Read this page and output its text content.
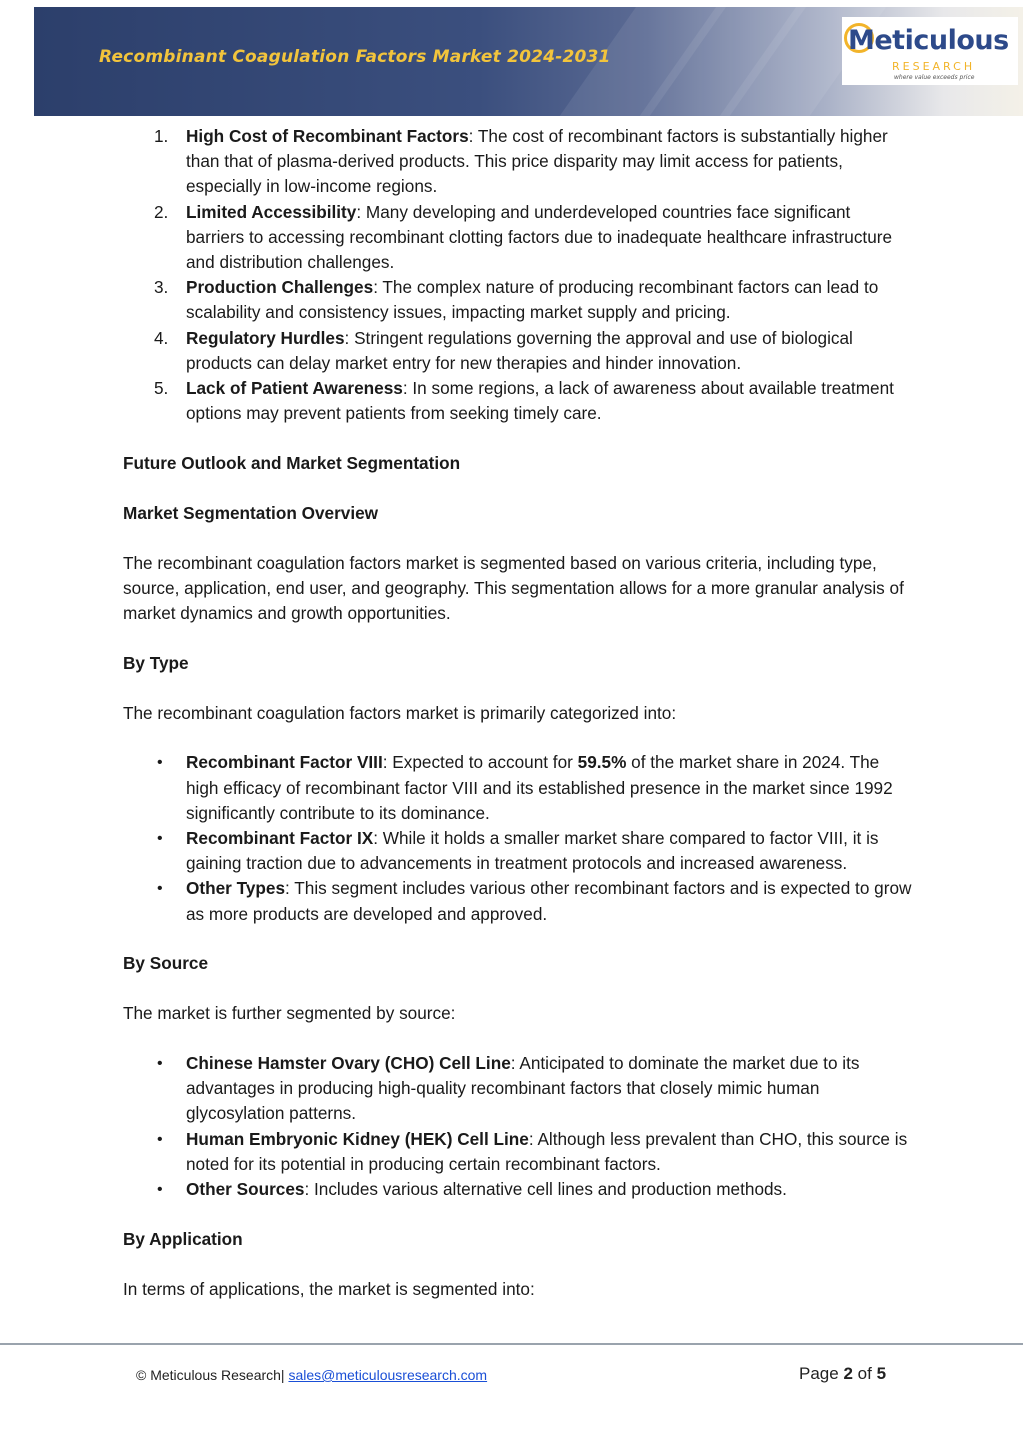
Recombinant Coagulation Factors Market 2024-2031
Meticulous
RESEARCH
where value exceeds price
1. High Cost of Recombinant Factors: The cost of recombinant factors is substantially higher than that of plasma-derived products. This price disparity may limit access for patients, especially in low-income regions.
2. Limited Accessibility: Many developing and underdeveloped countries face significant barriers to accessing recombinant clotting factors due to inadequate healthcare infrastructure and distribution challenges.
3. Production Challenges: The complex nature of producing recombinant factors can lead to scalability and consistency issues, impacting market supply and pricing.
4. Regulatory Hurdles: Stringent regulations governing the approval and use of biological products can delay market entry for new therapies and hinder innovation.
5. Lack of Patient Awareness: In some regions, a lack of awareness about available treatment options may prevent patients from seeking timely care.

Future Outlook and Market Segmentation

Market Segmentation Overview

The recombinant coagulation factors market is segmented based on various criteria, including type, source, application, end user, and geography. This segmentation allows for a more granular analysis of market dynamics and growth opportunities.

By Type

The recombinant coagulation factors market is primarily categorized into:

• Recombinant Factor VIII: Expected to account for 59.5% of the market share in 2024. The high efficacy of recombinant factor VIII and its established presence in the market since 1992 significantly contribute to its dominance.
• Recombinant Factor IX: While it holds a smaller market share compared to factor VIII, it is gaining traction due to advancements in treatment protocols and increased awareness.
• Other Types: This segment includes various other recombinant factors and is expected to grow as more products are developed and approved.

By Source

The market is further segmented by source:

• Chinese Hamster Ovary (CHO) Cell Line: Anticipated to dominate the market due to its advantages in producing high-quality recombinant factors that closely mimic human glycosylation patterns.
• Human Embryonic Kidney (HEK) Cell Line: Although less prevalent than CHO, this source is noted for its potential in producing certain recombinant factors.
• Other Sources: Includes various alternative cell lines and production methods.

By Application

In terms of applications, the market is segmented into:

© Meticulous Research| sales@meticulousresearch.com	Page 2 of 5
